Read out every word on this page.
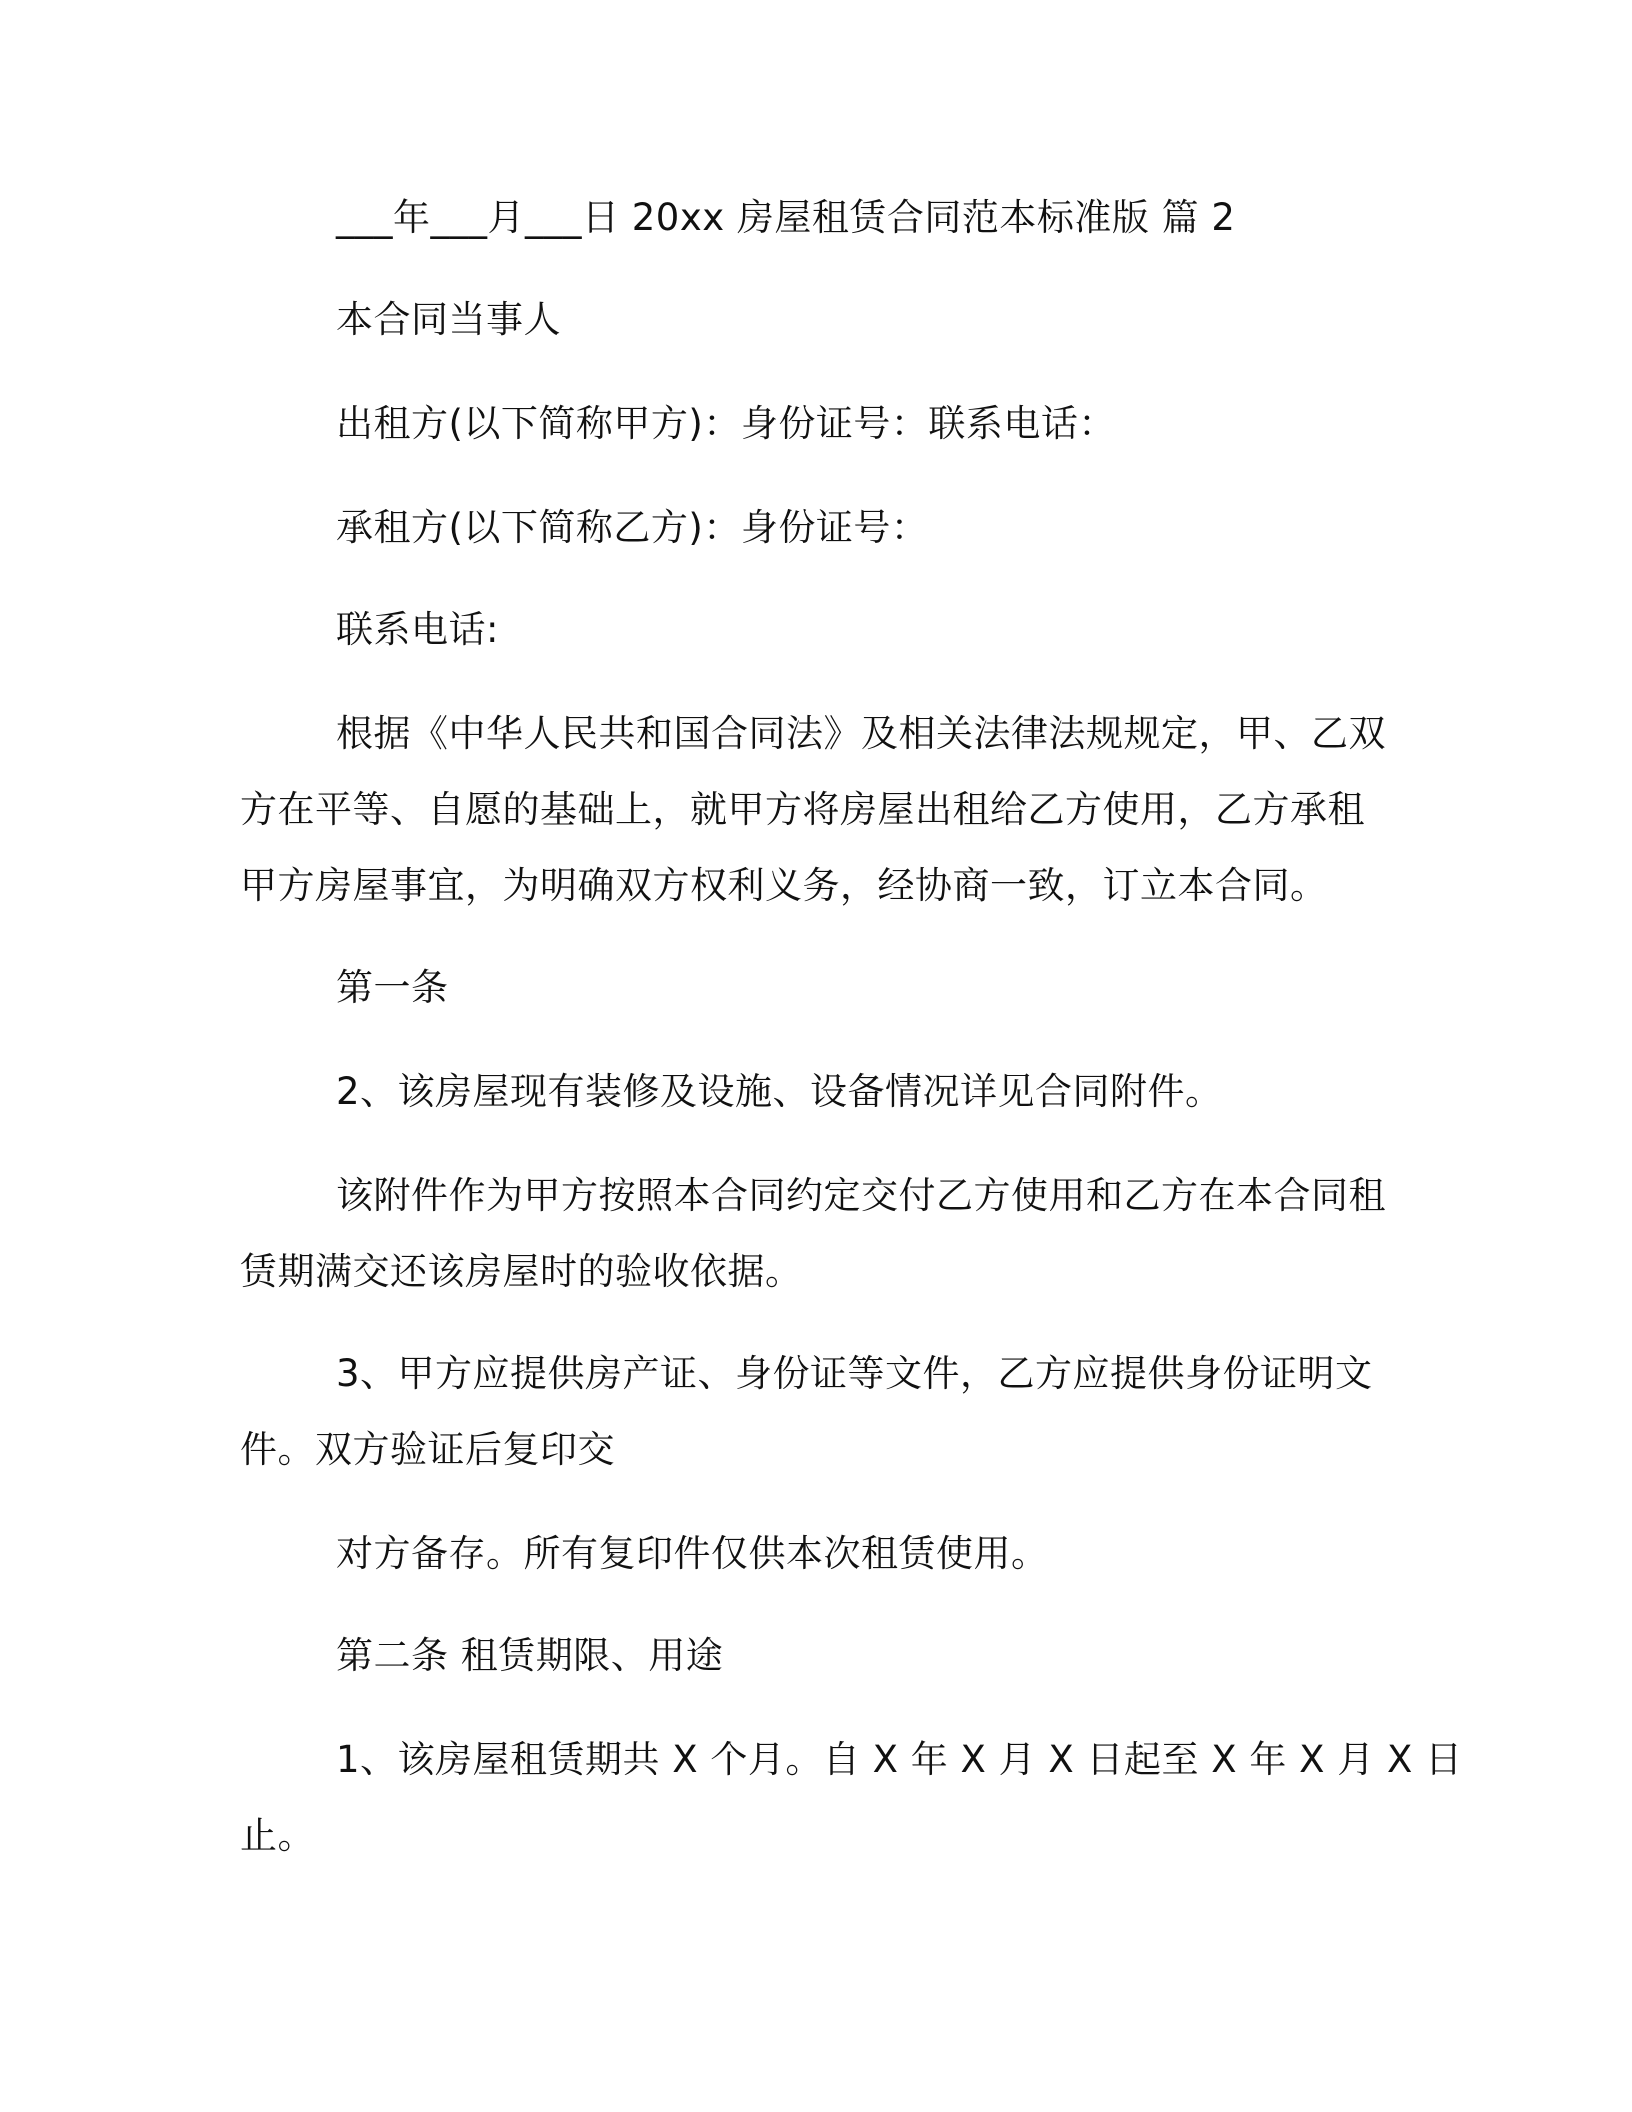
___年___月___日 20xx 房屋租赁合同范本标准版 篇 2
本合同当事人
出租方(以下简称甲方)：身份证号：联系电话：
承租方(以下简称乙方)：身份证号：
联系电话:
根据《中华人民共和国合同法》及相关法律法规规定，甲、乙双
方在平等、自愿的基础上，就甲方将房屋出租给乙方使用，乙方承租
甲方房屋事宜，为明确双方权利义务，经协商一致，订立本合同。
第一条
2、该房屋现有装修及设施、设备情况详见合同附件。
该附件作为甲方按照本合同约定交付乙方使用和乙方在本合同租
赁期满交还该房屋时的验收依据。
3、甲方应提供房产证、身份证等文件，乙方应提供身份证明文
件。双方验证后复印交
对方备存。所有复印件仅供本次租赁使用。
第二条 租赁期限、用途
1、该房屋租赁期共 X 个月。自 X 年 X 月 X 日起至 X 年 X 月 X 日
止。
